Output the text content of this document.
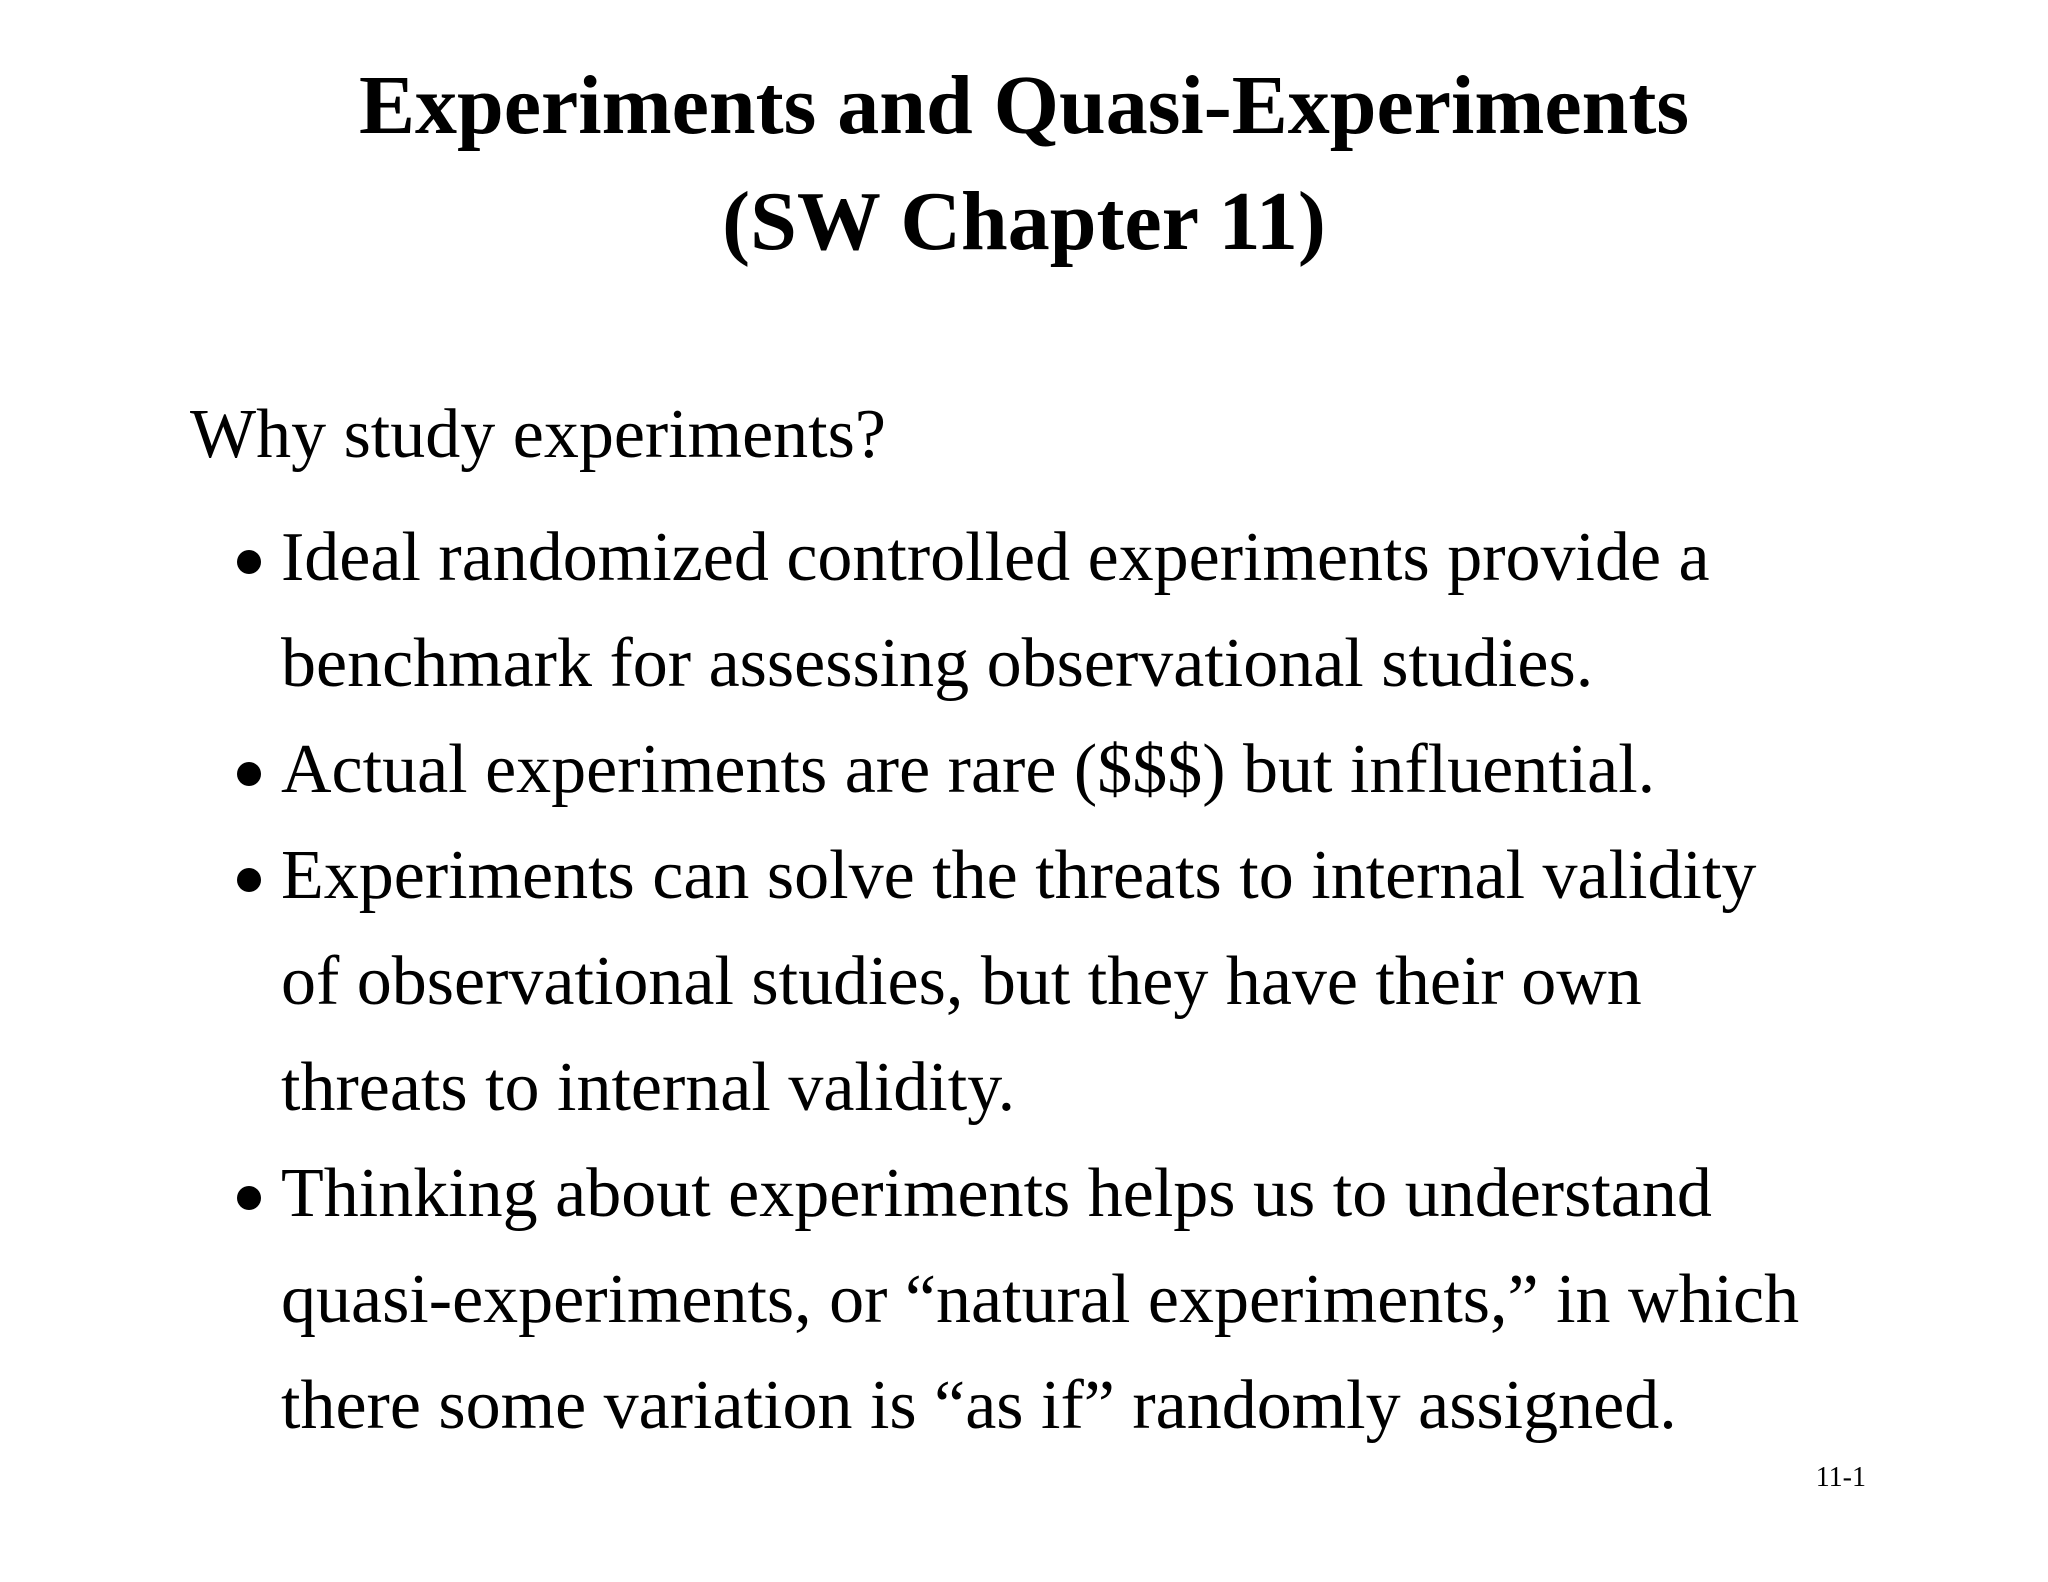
Experiments and Quasi-Experiments
(SW Chapter 11)
Why study experiments?
Ideal randomized controlled experiments provide a
benchmark for assessing observational studies.
Actual experiments are rare ($$$) but influential.
Experiments can solve the threats to internal validity
of observational studies, but they have their own
threats to internal validity.
Thinking about experiments helps us to understand
quasi-experiments, or “natural experiments,” in which
there some variation is “as if” randomly assigned.
11-1
